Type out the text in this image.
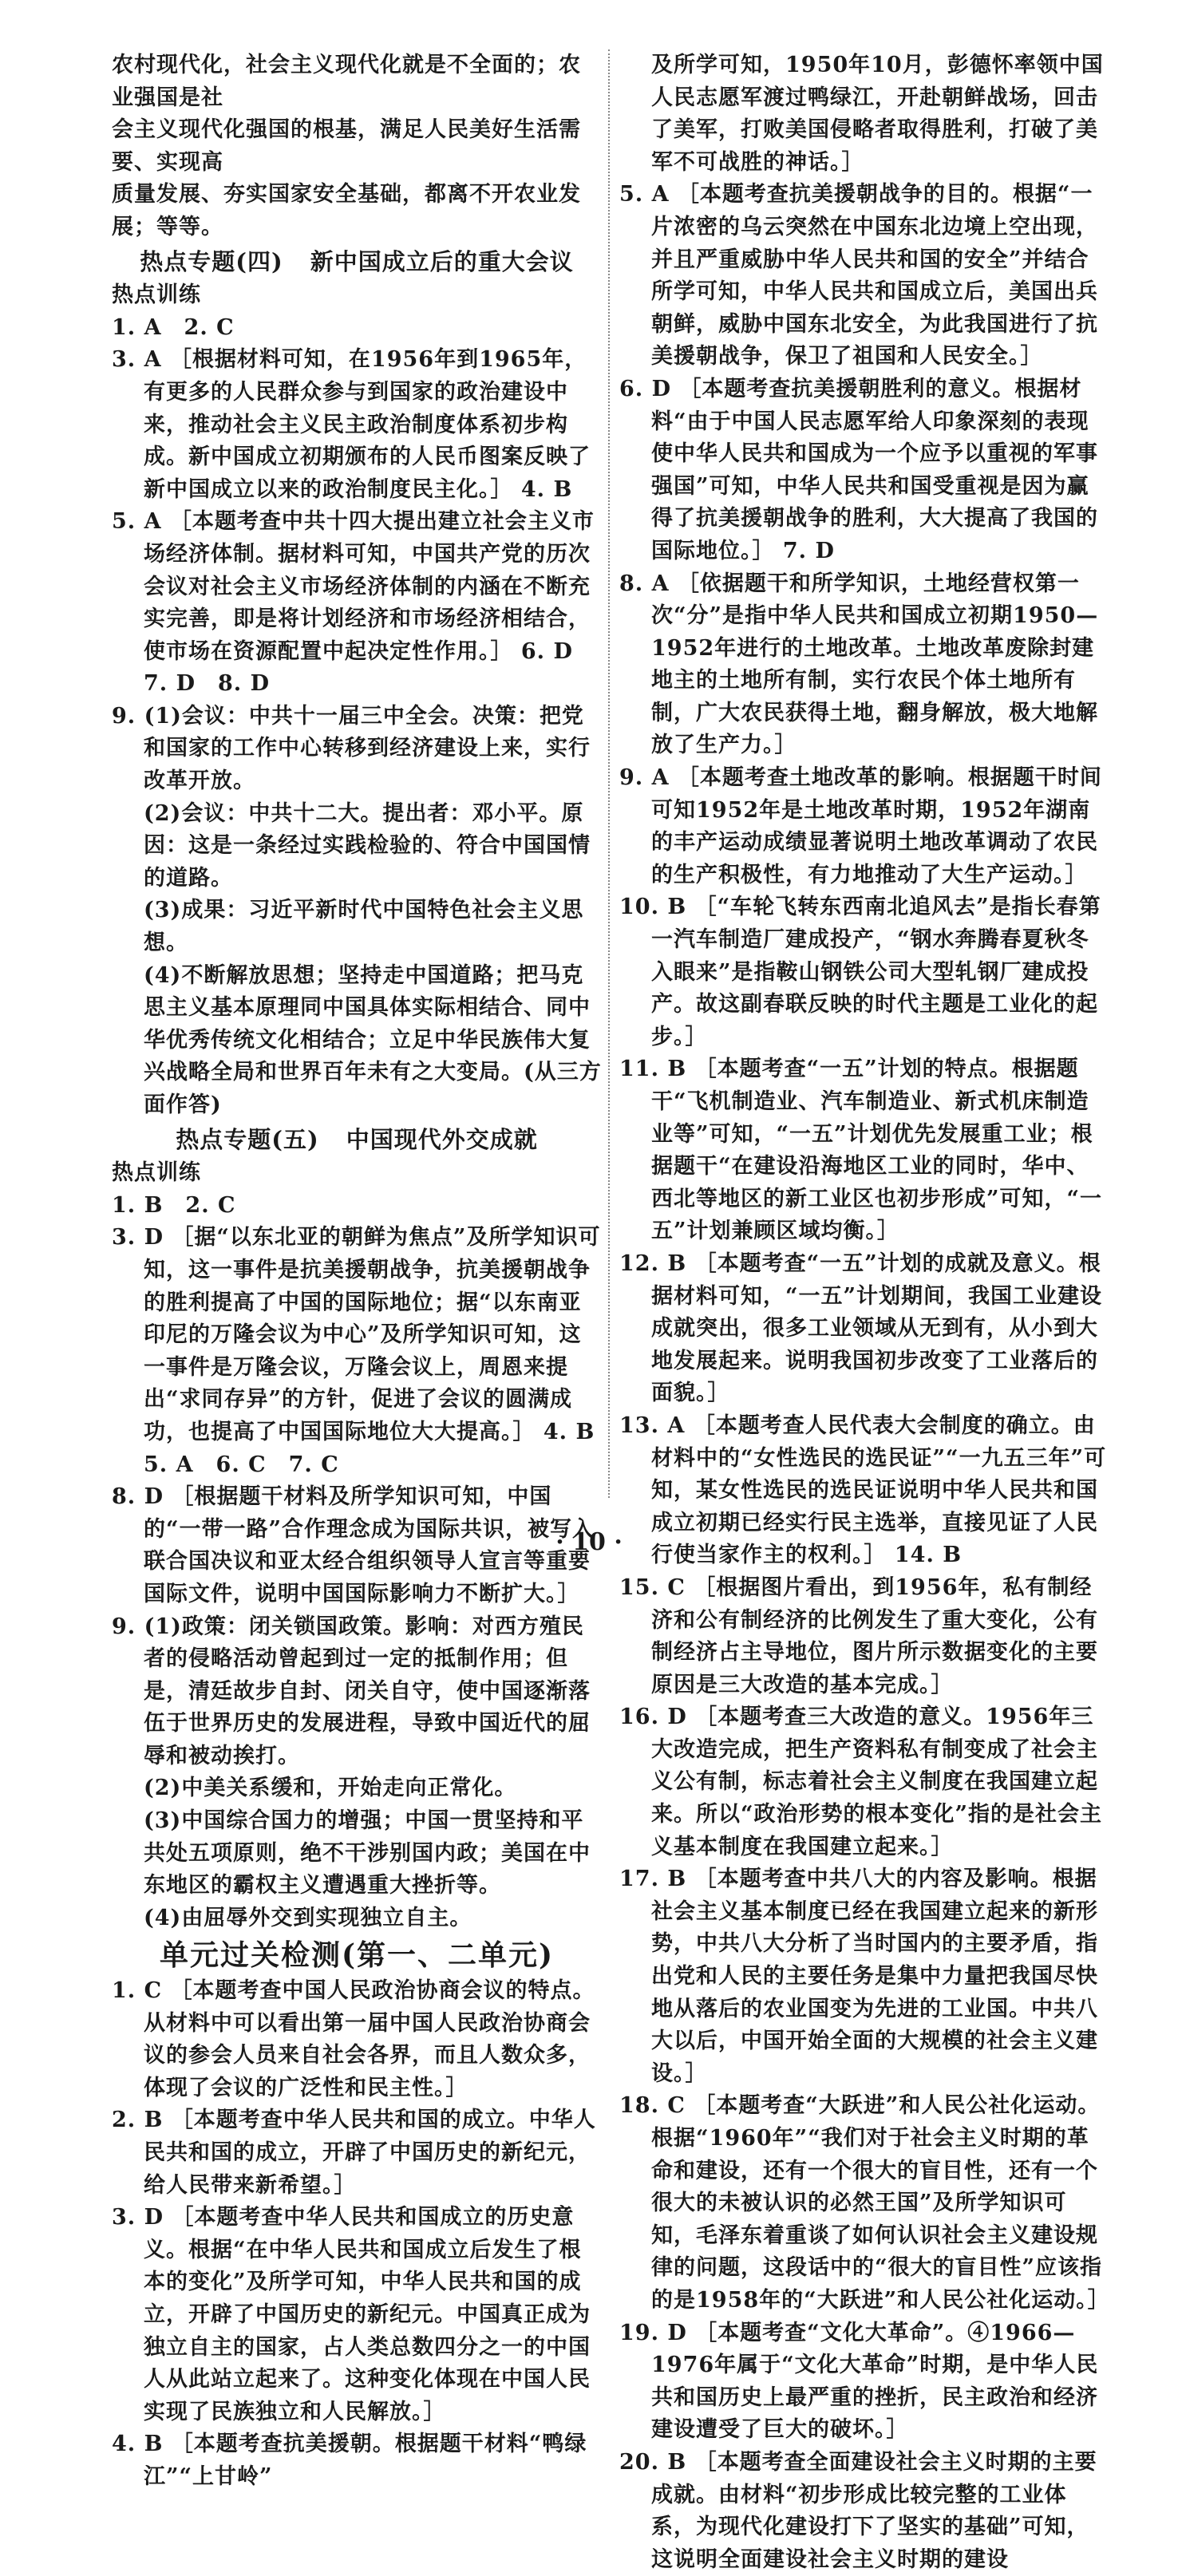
农村现代化，社会主义现代化就是不全面的；农业强国是社

会主义现代化强国的根基，满足人民美好生活需要、实现高

质量发展、夯实国家安全基础，都离不开农业发展；等等。

热点专题(四) 新中国成立后的重大会议

热点训练

1. A　2. C

3. A ［根据材料可知，在1956年到1965年，有更多的人民群众参与到国家的政治建设中来，推动社会主义民主政治制度体系初步构成。新中国成立初期颁布的人民币图案反映了新中国成立以来的政治制度民主化。］ 4. B

5. A ［本题考查中共十四大提出建立社会主义市场经济体制。据材料可知，中国共产党的历次会议对社会主义市场经济体制的内涵在不断充实完善，即是将计划经济和市场经济相结合，使市场在资源配置中起决定性作用。］ 6. D　7. D　8. D

9. (1)会议：中共十一届三中全会。决策：把党和国家的工作中心转移到经济建设上来，实行改革开放。

(2)会议：中共十二大。提出者：邓小平。原因：这是一条经过实践检验的、符合中国国情的道路。

(3)成果：习近平新时代中国特色社会主义思想。

(4)不断解放思想；坚持走中国道路；把马克思主义基本原理同中国具体实际相结合、同中华优秀传统文化相结合；立足中华民族伟大复兴战略全局和世界百年未有之大变局。(从三方面作答)

热点专题(五) 中国现代外交成就

热点训练

1. B　2. C

3. D ［据“以东北亚的朝鲜为焦点”及所学知识可知，这一事件是抗美援朝战争，抗美援朝战争的胜利提高了中国的国际地位；据“以东南亚印尼的万隆会议为中心”及所学知识可知，这一事件是万隆会议，万隆会议上，周恩来提出“求同存异”的方针，促进了会议的圆满成功，也提高了中国国际地位大大提高。］ 4. B　5. A　6. C　7. C

8. D ［根据题干材料及所学知识可知，中国的“一带一路”合作理念成为国际共识，被写入联合国决议和亚太经合组织领导人宣言等重要国际文件，说明中国国际影响力不断扩大。］

9. (1)政策：闭关锁国政策。影响：对西方殖民者的侵略活动曾起到过一定的抵制作用；但是，清廷故步自封、闭关自守，使中国逐渐落伍于世界历史的发展进程，导致中国近代的屈辱和被动挨打。

(2)中美关系缓和，开始走向正常化。

(3)中国综合国力的增强；中国一贯坚持和平共处五项原则，绝不干涉别国内政；美国在中东地区的霸权主义遭遇重大挫折等。

(4)由屈辱外交到实现独立自主。

单元过关检测(第一、二单元)

1. C ［本题考查中国人民政治协商会议的特点。从材料中可以看出第一届中国人民政治协商会议的参会人员来自社会各界，而且人数众多，体现了会议的广泛性和民主性。］

2. B ［本题考查中华人民共和国的成立。中华人民共和国的成立，开辟了中国历史的新纪元，给人民带来新希望。］

3. D ［本题考查中华人民共和国成立的历史意义。根据“在中华人民共和国成立后发生了根本的变化”及所学可知，中华人民共和国的成立，开辟了中国历史的新纪元。中国真正成为独立自主的国家，占人类总数四分之一的中国人从此站立起来了。这种变化体现在中国人民实现了民族独立和人民解放。］

4. B ［本题考查抗美援朝。根据题干材料“鸭绿江”“上甘岭”

及所学可知，1950年10月，彭德怀率领中国人民志愿军渡过鸭绿江，开赴朝鲜战场，回击了美军，打败美国侵略者取得胜利，打破了美军不可战胜的神话。］

5. A ［本题考查抗美援朝战争的目的。根据“一片浓密的乌云突然在中国东北边境上空出现，并且严重威胁中华人民共和国的安全”并结合所学可知，中华人民共和国成立后，美国出兵朝鲜，威胁中国东北安全，为此我国进行了抗美援朝战争，保卫了祖国和人民安全。］

6. D ［本题考查抗美援朝胜利的意义。根据材料“由于中国人民志愿军给人印象深刻的表现使中华人民共和国成为一个应予以重视的军事强国”可知，中华人民共和国受重视是因为赢得了抗美援朝战争的胜利，大大提高了我国的国际地位。］ 7. D

8. A ［依据题干和所学知识，土地经营权第一次“分”是指中华人民共和国成立初期1950—1952年进行的土地改革。土地改革废除封建地主的土地所有制，实行农民个体土地所有制，广大农民获得土地，翻身解放，极大地解放了生产力。］

9. A ［本题考查土地改革的影响。根据题干时间可知1952年是土地改革时期，1952年湖南的丰产运动成绩显著说明土地改革调动了农民的生产积极性，有力地推动了大生产运动。］

10. B ［“车轮飞转东西南北追风去”是指长春第一汽车制造厂建成投产，“钢水奔腾春夏秋冬入眼来”是指鞍山钢铁公司大型轧钢厂建成投产。故这副春联反映的时代主题是工业化的起步。］

11. B ［本题考查“一五”计划的特点。根据题干“飞机制造业、汽车制造业、新式机床制造业等”可知，“一五”计划优先发展重工业；根据题干“在建设沿海地区工业的同时，华中、西北等地区的新工业区也初步形成”可知，“一五”计划兼顾区域均衡。］

12. B ［本题考查“一五”计划的成就及意义。根据材料可知，“一五”计划期间，我国工业建设成就突出，很多工业领域从无到有，从小到大地发展起来。说明我国初步改变了工业落后的面貌。］

13. A ［本题考查人民代表大会制度的确立。由材料中的“女性选民的选民证”“一九五三年”可知，某女性选民的选民证说明中华人民共和国成立初期已经实行民主选举，直接见证了人民行使当家作主的权利。］ 14. B

15. C ［根据图片看出，到1956年，私有制经济和公有制经济的比例发生了重大变化，公有制经济占主导地位，图片所示数据变化的主要原因是三大改造的基本完成。］

16. D ［本题考查三大改造的意义。1956年三大改造完成，把生产资料私有制变成了社会主义公有制，标志着社会主义制度在我国建立起来。所以“政治形势的根本变化”指的是社会主义基本制度在我国建立起来。］

17. B ［本题考查中共八大的内容及影响。根据社会主义基本制度已经在我国建立起来的新形势，中共八大分析了当时国内的主要矛盾，指出党和人民的主要任务是集中力量把我国尽快地从落后的农业国变为先进的工业国。中共八大以后，中国开始全面的大规模的社会主义建设。］

18. C ［本题考查“大跃进”和人民公社化运动。根据“1960年”“我们对于社会主义时期的革命和建设，还有一个很大的盲目性，还有一个很大的未被认识的必然王国”及所学知识可知，毛泽东着重谈了如何认识社会主义建设规律的问题，这段话中的“很大的盲目性”应该指的是1958年的“大跃进”和人民公社化运动。］

19. D ［本题考查“文化大革命”。④1966—1976年属于“文化大革命”时期，是中华人民共和国历史上最严重的挫折，民主政治和经济建设遭受了巨大的破坏。］

20. B ［本题考查全面建设社会主义时期的主要成就。由材料“初步形成比较完整的工业体系，为现代化建设打下了坚实的基础”可知，这说明全面建设社会主义时期的建设

· 10 ·
